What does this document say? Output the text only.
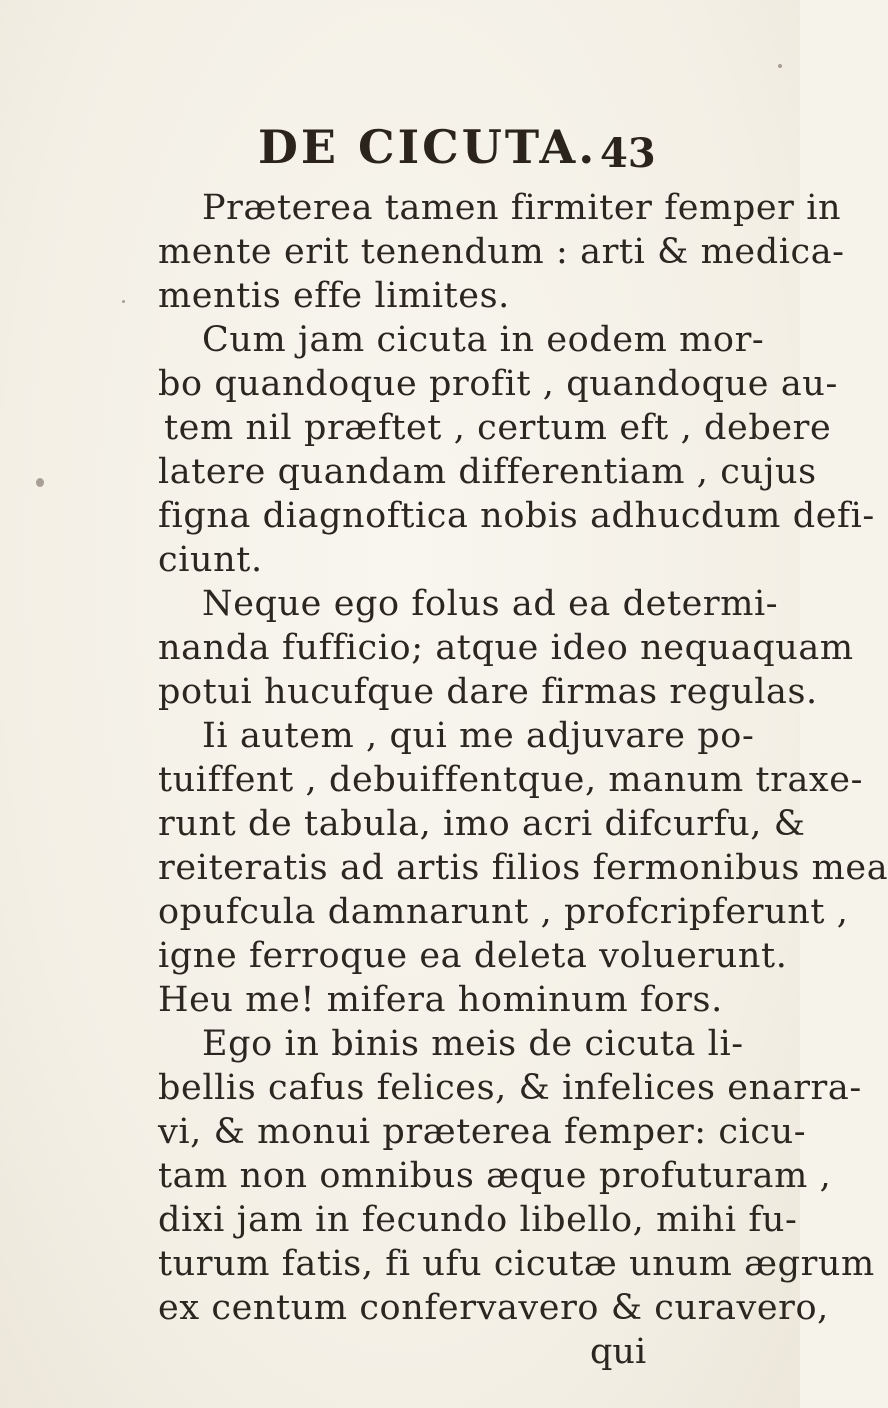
DE CICUTA. 43
Præterea tamen firmiter femper in
mente erit tenendum : arti & medica-
mentis effe limites.
Cum jam cicuta in eodem mor-
bo quandoque profit , quandoque au-
tem nil præftet , certum eft , debere
latere quandam differentiam , cujus
figna diagnoftica nobis adhucdum defi-
ciunt.
Neque ego folus ad ea determi-
nanda fufficio; atque ideo nequaquam
potui hucufque dare firmas regulas.
Ii autem , qui me adjuvare po-
tuiffent , debuiffentque, manum traxe-
runt de tabula, imo acri difcurfu, &
reiteratis ad artis filios fermonibus mea
opufcula damnarunt , profcripferunt ,
igne ferroque ea deleta voluerunt.
Heu me! mifera hominum fors.
Ego in binis meis de cicuta li-
bellis cafus felices, & infelices enarra-
vi, & monui præterea femper: cicu-
tam non omnibus æque profuturam ,
dixi jam in fecundo libello, mihi fu-
turum fatis, fi ufu cicutæ unum ægrum
ex centum confervavero & curavero,
qui
